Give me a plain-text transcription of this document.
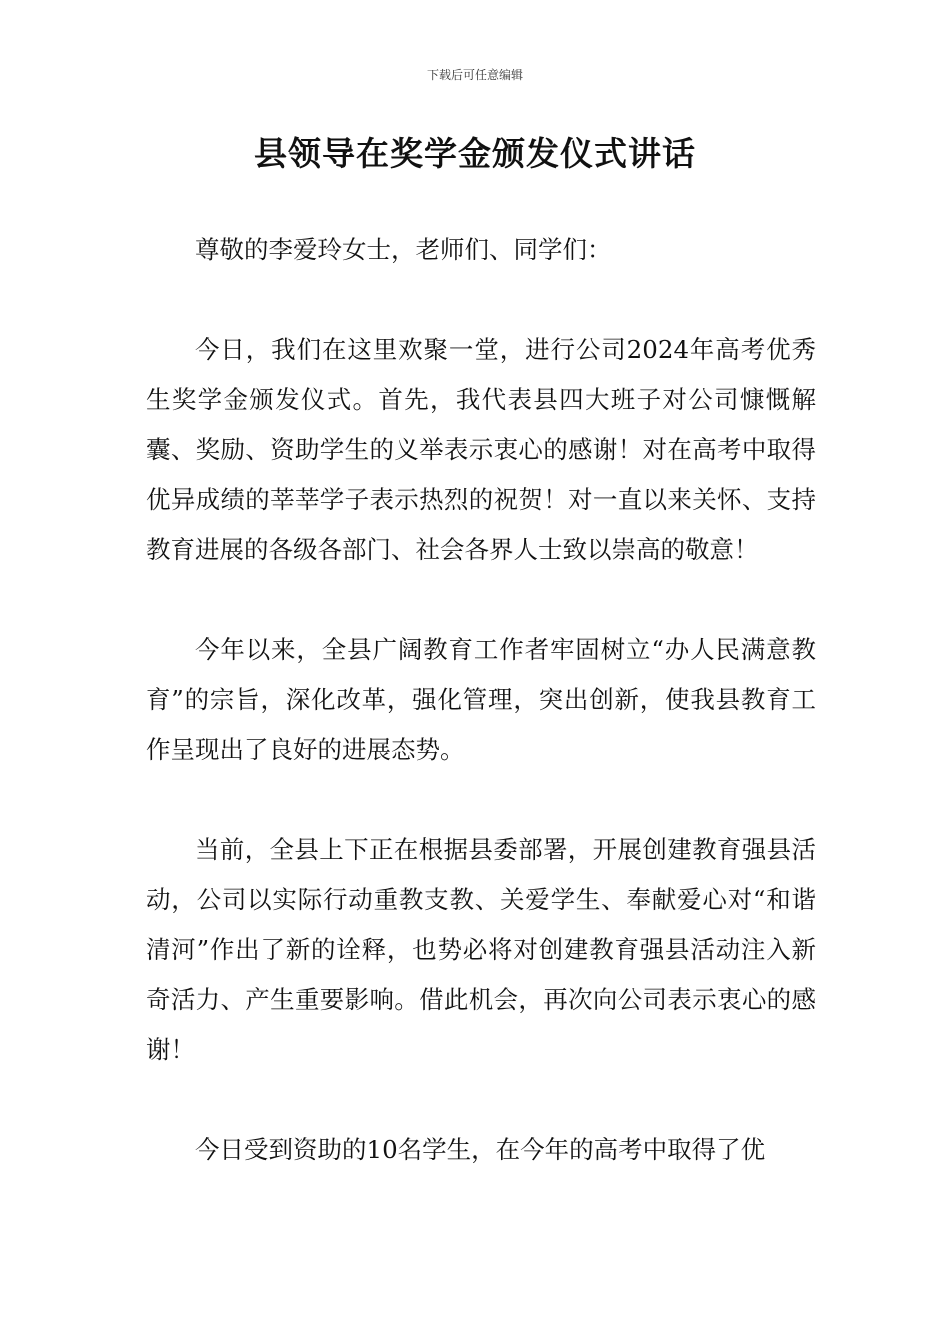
下载后可任意编辑
县领导在奖学金颁发仪式讲话

尊敬的李爱玲女士，老师们、同学们：

今日，我们在这里欢聚一堂，进行公司2024年高考优秀生奖学金颁发仪式。首先，我代表县四大班子对公司慷慨解囊、奖励、资助学生的义举表示衷心的感谢！对在高考中取得优异成绩的莘莘学子表示热烈的祝贺！对一直以来关怀、支持教育进展的各级各部门、社会各界人士致以崇高的敬意！

今年以来，全县广阔教育工作者牢固树立“办人民满意教育”的宗旨，深化改革，强化管理，突出创新，使我县教育工作呈现出了良好的进展态势。

当前，全县上下正在根据县委部署，开展创建教育强县活动，公司以实际行动重教支教、关爱学生、奉献爱心对“和谐清河”作出了新的诠释，也势必将对创建教育强县活动注入新奇活力、产生重要影响。借此机会，再次向公司表示衷心的感谢！

今日受到资助的10名学生，在今年的高考中取得了优
